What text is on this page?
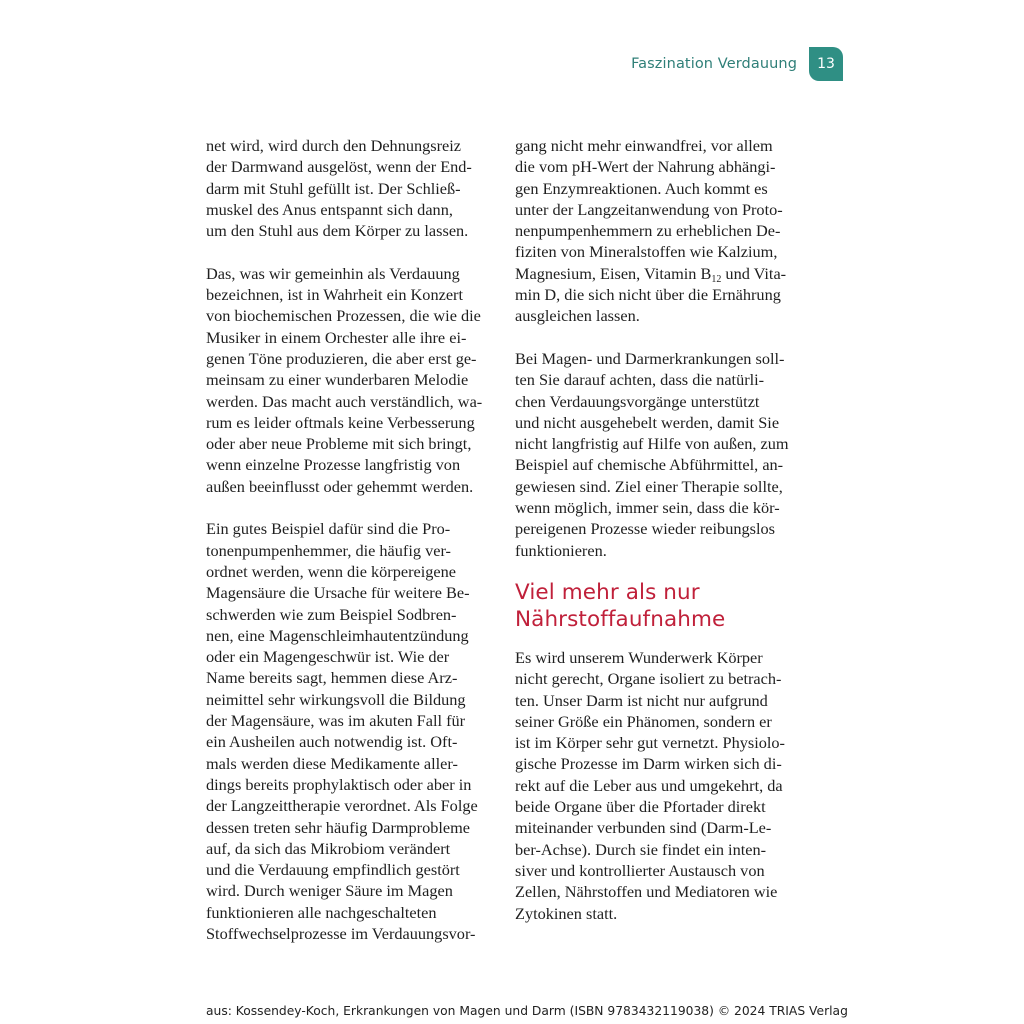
Faszination Verdauung	13
net wird, wird durch den Dehnungsreiz
der Darmwand ausgelöst, wenn der End-
darm mit Stuhl gefüllt ist. Der Schließ-
muskel des Anus entspannt sich dann,
um den Stuhl aus dem Körper zu lassen.
Das, was wir gemeinhin als Verdauung
bezeichnen, ist in Wahrheit ein Konzert
von biochemischen Prozessen, die wie die
Musiker in einem Orchester alle ihre ei-
genen Töne produzieren, die aber erst ge-
meinsam zu einer wunderbaren Melodie
werden. Das macht auch verständlich, wa-
rum es leider oftmals keine Verbesserung
oder aber neue Probleme mit sich bringt,
wenn einzelne Prozesse langfristig von
außen beeinflusst oder gehemmt werden.
Ein gutes Beispiel dafür sind die Pro-
tonenpumpenhemmer, die häufig ver-
ordnet werden, wenn die körpereigene
Magensäure die Ursache für weitere Be-
schwerden wie zum Beispiel Sodbren-
nen, eine Magenschleimhautentzündung
oder ein Magengeschwür ist. Wie der
Name bereits sagt, hemmen diese Arz-
neimittel sehr wirkungsvoll die Bildung
der Magensäure, was im akuten Fall für
ein Ausheilen auch notwendig ist. Oft-
mals werden diese Medikamente aller-
dings bereits prophylaktisch oder aber in
der Langzeittherapie verordnet. Als Folge
dessen treten sehr häufig Darmprobleme
auf, da sich das Mikrobiom verändert
und die Verdauung empfindlich gestört
wird. Durch weniger Säure im Magen
funktionieren alle nachgeschalteten
Stoffwechselprozesse im Verdauungsvor-
gang nicht mehr einwandfrei, vor allem
die vom pH-Wert der Nahrung abhängi-
gen Enzymreaktionen. Auch kommt es
unter der Langzeitanwendung von Proto-
nenpumpenhemmern zu erheblichen De-
fiziten von Mineralstoffen wie Kalzium,
Magnesium, Eisen, Vitamin $B_{12}$ und Vita-
min D, die sich nicht über die Ernährung
ausgleichen lassen.
Bei Magen- und Darmerkrankungen soll-
ten Sie darauf achten, dass die natürli-
chen Verdauungsvorgänge unterstützt
und nicht ausgehebelt werden, damit Sie
nicht langfristig auf Hilfe von außen, zum
Beispiel auf chemische Abführmittel, an-
gewiesen sind. Ziel einer Therapie sollte,
wenn möglich, immer sein, dass die kör-
pereigenen Prozesse wieder reibungslos
funktionieren.
Viel mehr als nur
Nährstoffaufnahme
Es wird unserem Wunderwerk Körper
nicht gerecht, Organe isoliert zu betrach-
ten. Unser Darm ist nicht nur aufgrund
seiner Größe ein Phänomen, sondern er
ist im Körper sehr gut vernetzt. Physiolo-
gische Prozesse im Darm wirken sich di-
rekt auf die Leber aus und umgekehrt, da
beide Organe über die Pfortader direkt
miteinander verbunden sind (Darm-Le-
ber-Achse). Durch sie findet ein inten-
siver und kontrollierter Austausch von
Zellen, Nährstoffen und Mediatoren wie
Zytokinen statt.
aus: Kossendey-Koch, Erkrankungen von Magen und Darm (ISBN 9783432119038) © 2024 TRIAS Verlag
